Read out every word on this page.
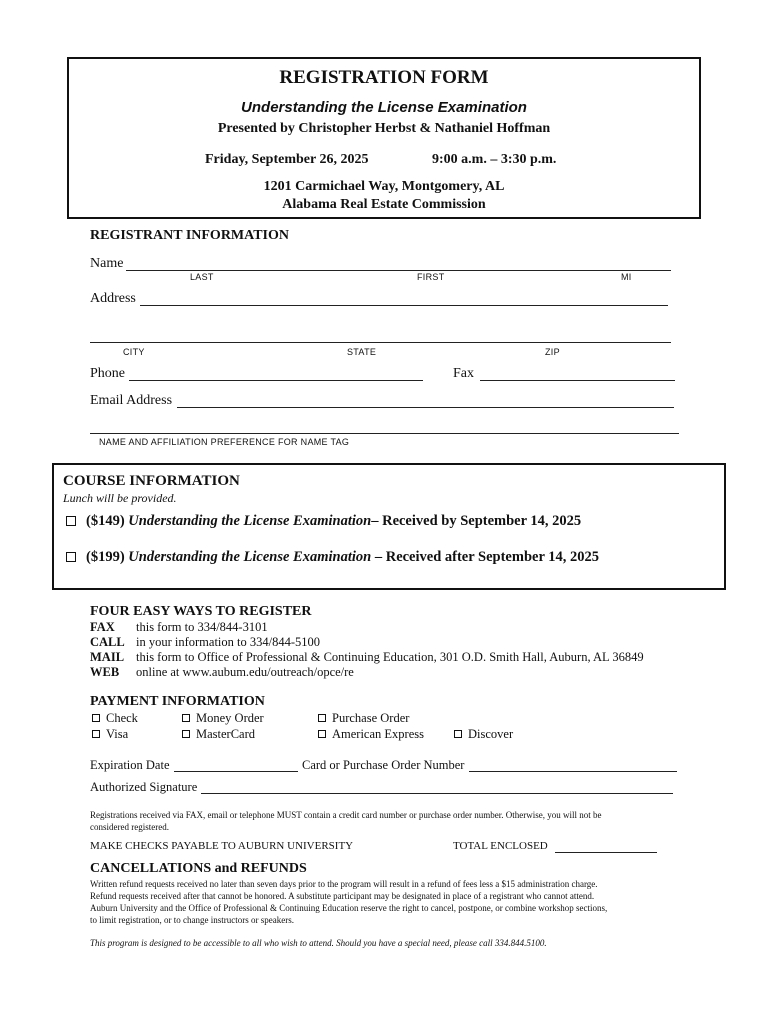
REGISTRATION FORM
Understanding the License Examination
Presented by Christopher Herbst & Nathaniel Hoffman
Friday, September 26, 2025	9:00 a.m. – 3:30 p.m.
1201 Carmichael Way, Montgomery, AL
Alabama Real Estate Commission
REGISTRANT INFORMATION
Name
LAST	FIRST	MI
Address
CITY	STATE	ZIP
Phone	Fax
Email Address
NAME AND AFFILIATION PREFERENCE FOR NAME TAG
COURSE INFORMATION
Lunch will be provided.
($149) Understanding the License Examination– Received by September 14, 2025
($199) Understanding the License Examination – Received after September 14, 2025
FOUR EASY WAYS TO REGISTER
FAX this form to 334/844-3101
CALL in your information to 334/844-5100
MAIL this form to Office of Professional & Continuing Education, 301 O.D. Smith Hall, Auburn, AL 36849
WEB online at www.aubum.edu/outreach/opce/re
PAYMENT INFORMATION
Check	Money Order	Purchase Order
Visa	MasterCard	American Express	Discover
Expiration Date	Card or Purchase Order Number
Authorized Signature
Registrations received via FAX, email or telephone MUST contain a credit card number or purchase order number. Otherwise, you will not be
considered registered.
MAKE CHECKS PAYABLE TO AUBURN UNIVERSITY	TOTAL ENCLOSED
CANCELLATIONS and REFUNDS
Written refund requests received no later than seven days prior to the program will result in a refund of fees less a $15 administration charge.
Refund requests received after that cannot be honored. A substitute participant may be designated in place of a registrant who cannot attend.
Auburn University and the Office of Professional & Continuing Education reserve the right to cancel, postpone, or combine workshop sections,
to limit registration, or to change instructors or speakers.
This program is designed to be accessible to all who wish to attend. Should you have a special need, please call 334.844.5100.
